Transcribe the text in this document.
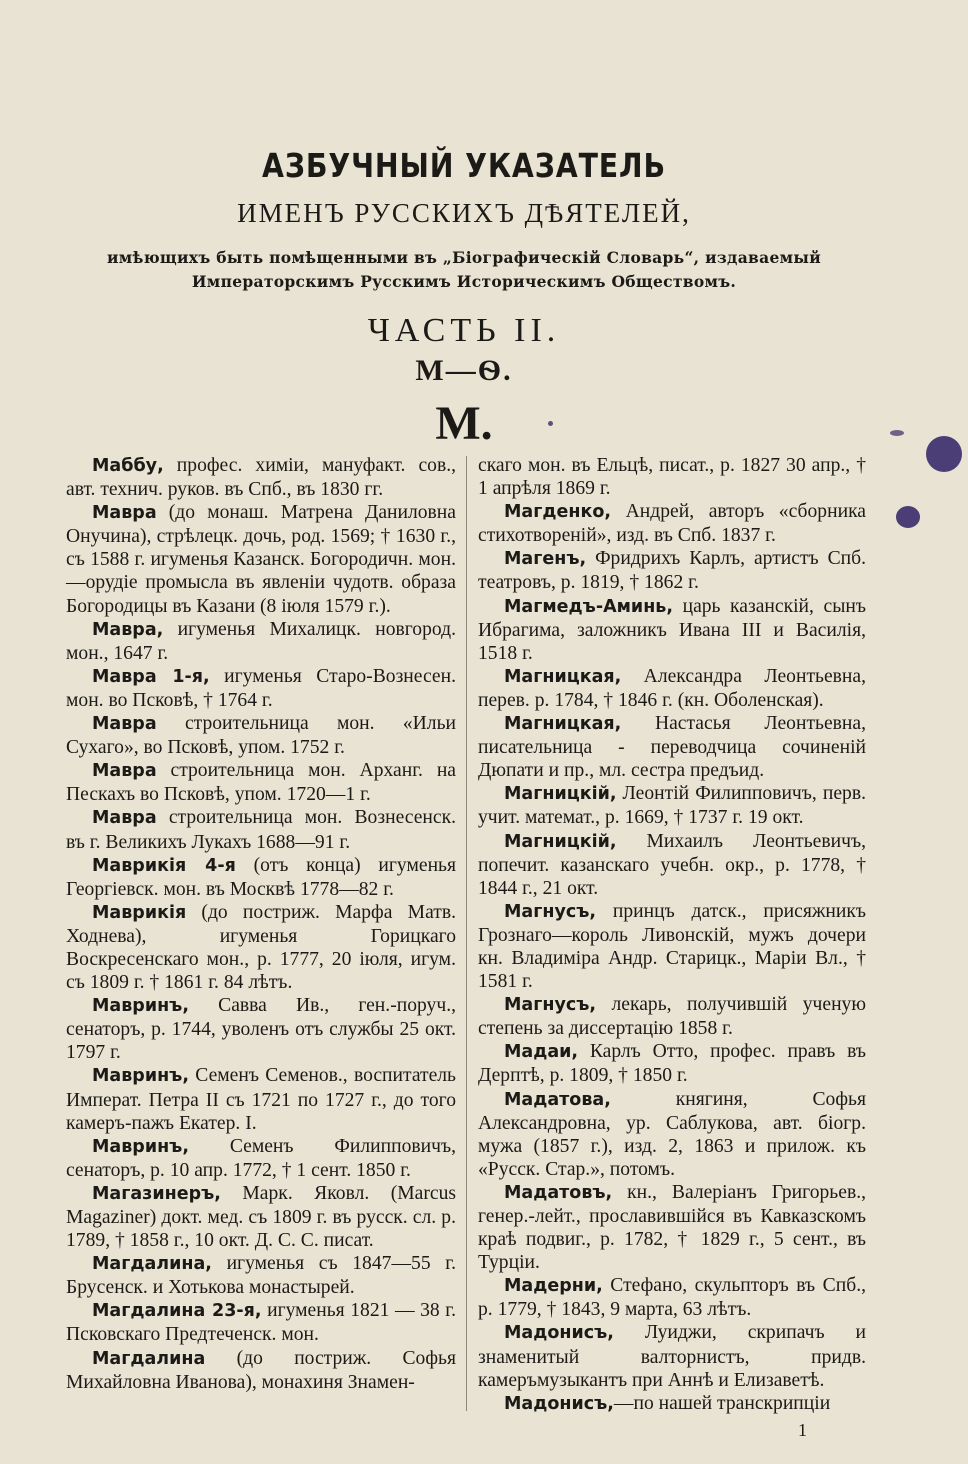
АЗБУЧНЫЙ УКАЗАТЕЛЬ
ИМЕНЪ РУССКИХЪ ДѢЯТЕЛЕЙ,
имѣющихъ быть помѣщенными въ „Біографическій Словарь“, издаваемый
Императорскимъ Русскимъ Историческимъ Обществомъ.
ЧАСТЬ II.
М—Ѳ.
М.

Маббу, профес. химіи, мануфакт. сов., авт. технич. руков. въ Спб., въ 1830 гг.

Мавра (до монаш. Матрена Даниловна Онучина), стрѣлецк. дочь, род. 1569; † 1630 г., съ 1588 г. игуменья Казанск. Богородичн. мон.—орудіе промысла въ явленіи чудотв. образа Богородицы въ Казани (8 іюля 1579 г.).

Мавра, игуменья Михалицк. новгород. мон., 1647 г.

Мавра 1-я, игуменья Старо-Вознесен. мон. во Псковѣ, † 1764 г.

Мавра строительница мон. «Ильи Сухаго», во Псковѣ, упом. 1752 г.

Мавра строительница мон. Арханг. на Пескахъ во Псковѣ, упом. 1720—1 г.

Мавра строительница мон. Вознесенск. въ г. Великихъ Лукахъ 1688—91 г.

Маврикія 4-я (отъ конца) игуменья Георгіевск. мон. въ Москвѣ 1778—82 г.

Маврикія (до постриж. Марфа Матв. Ходнева), игуменья Горицкаго Воскресенскаго мон., р. 1777, 20 іюля, игум. съ 1809 г. † 1861 г. 84 лѣтъ.

Мавринъ, Савва Ив., ген.-поруч., сенаторъ, р. 1744, уволенъ отъ службы 25 окт. 1797 г.

Мавринъ, Семенъ Семенов., воспитатель Императ. Петра II съ 1721 по 1727 г., до того камеръ-пажъ Екатер. I.

Мавринъ, Семенъ Филипповичъ, сенаторъ, р. 10 апр. 1772, † 1 сент. 1850 г.

Магазинеръ, Марк. Яковл. (Marcus Magaziner) докт. мед. съ 1809 г. въ русск. сл. р. 1789, † 1858 г., 10 окт. Д. С. С. писат.

Магдалина, игуменья съ 1847—55 г. Брусенск. и Хотькова монастырей.

Магдалина 23-я, игуменья 1821 — 38 г. Псковскаго Предтеченск. мон.

Магдалина (до постриж. Софья Михайловна Иванова), монахиня Знамен-

скаго мон. въ Ельцѣ, писат., р. 1827 30 апр., † 1 апрѣля 1869 г.

Магденко, Андрей, авторъ «сборника стихотвореній», изд. въ Спб. 1837 г.

Магенъ, Фридрихъ Карлъ, артистъ Спб. театровъ, р. 1819, † 1862 г.

Магмедъ-Аминь, царь казанскій, сынъ Ибрагима, заложникъ Ивана III и Василія, 1518 г.

Магницкая, Александра Леонтьевна, перев. р. 1784, † 1846 г. (кн. Оболенская).

Магницкая, Настасья Леонтьевна, писательница - переводчица сочиненій Дюпати и пр., мл. сестра предъид.

Магницкій, Леонтій Филипповичъ, перв. учит. математ., р. 1669, † 1737 г. 19 окт.

Магницкій, Михаилъ Леонтьевичъ, попечит. казанскаго учебн. окр., р. 1778, † 1844 г., 21 окт.

Магнусъ, принцъ датск., присяжникъ Грознаго—король Ливонскій, мужъ дочери кн. Владиміра Андр. Старицк., Маріи Вл., † 1581 г.

Магнусъ, лекарь, получившій ученую степень за диссертацію 1858 г.

Мадаи, Карлъ Отто, профес. правъ въ Дерптѣ, р. 1809, † 1850 г.

Мадатова, княгиня, Софья Александровна, ур. Саблукова, авт. біогр. мужа (1857 г.), изд. 2, 1863 и прилож. къ «Русск. Стар.», потомъ.

Мадатовъ, кн., Валеріанъ Григорьев., генер.-лейт., прославившійся въ Кавказскомъ краѣ подвиг., р. 1782, † 1829 г., 5 сент., въ Турціи.

Мадерни, Стефано, скульпторъ въ Спб., р. 1779, † 1843, 9 марта, 63 лѣтъ.

Мадонисъ, Луиджи, скрипачъ и знаменитый валторнистъ, придв. камеръмузыкантъ при Аннѣ и Елизаветѣ.

Мадонисъ,—по нашей транскрипціи

1
